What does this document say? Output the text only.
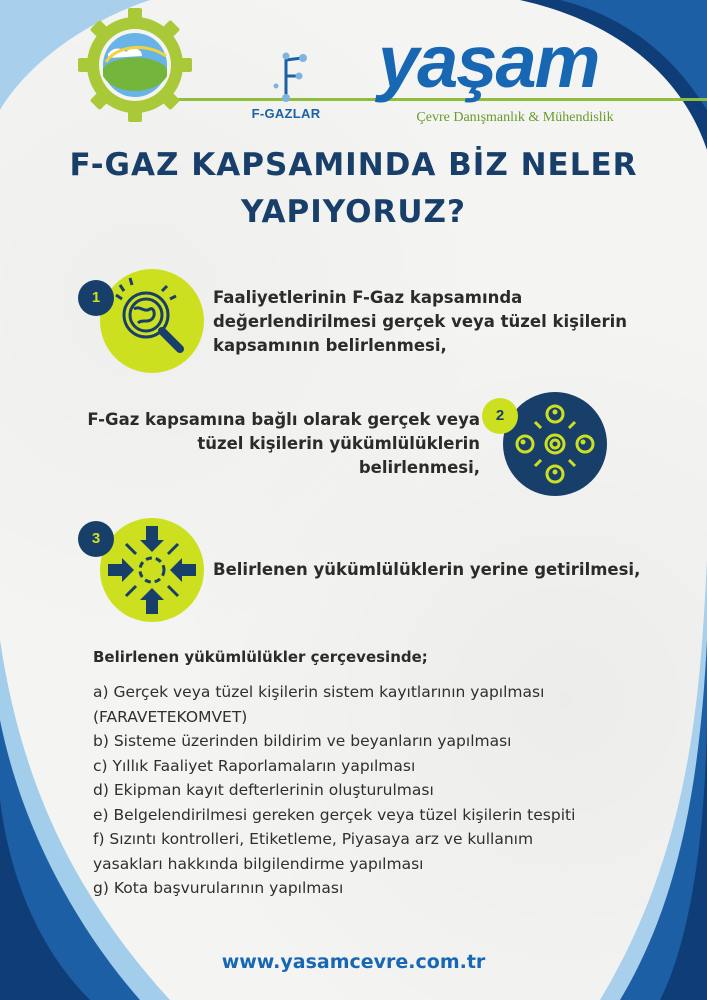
F-GAZLAR
yaşam
Çevre Danışmanlık & Mühendislik
F-GAZ KAPSAMINDA BİZ NELER
YAPIYORUZ?
1	Faaliyetlerinin F-Gaz kapsamında
değerlendirilmesi gerçek veya tüzel kişilerin
kapsamının belirlenmesi,
2
F-Gaz kapsamına bağlı olarak gerçek veya
tüzel kişilerin yükümlülüklerin
belirlenmesi,
3
Belirlenen yükümlülüklerin yerine getirilmesi,
Belirlenen yükümlülükler çerçevesinde;
a) Gerçek veya tüzel kişilerin sistem kayıtlarının yapılması
(FARAVETEKOMVET)
b) Sisteme üzerinden bildirim ve beyanların yapılması
c) Yıllık Faaliyet Raporlamaların yapılması
d) Ekipman kayıt defterlerinin oluşturulması
e) Belgelendirilmesi gereken gerçek veya tüzel kişilerin tespiti
f) Sızıntı kontrolleri, Etiketleme, Piyasaya arz ve kullanım
yasakları hakkında bilgilendirme yapılması
g) Kota başvurularının yapılması
www.yasamcevre.com.tr
